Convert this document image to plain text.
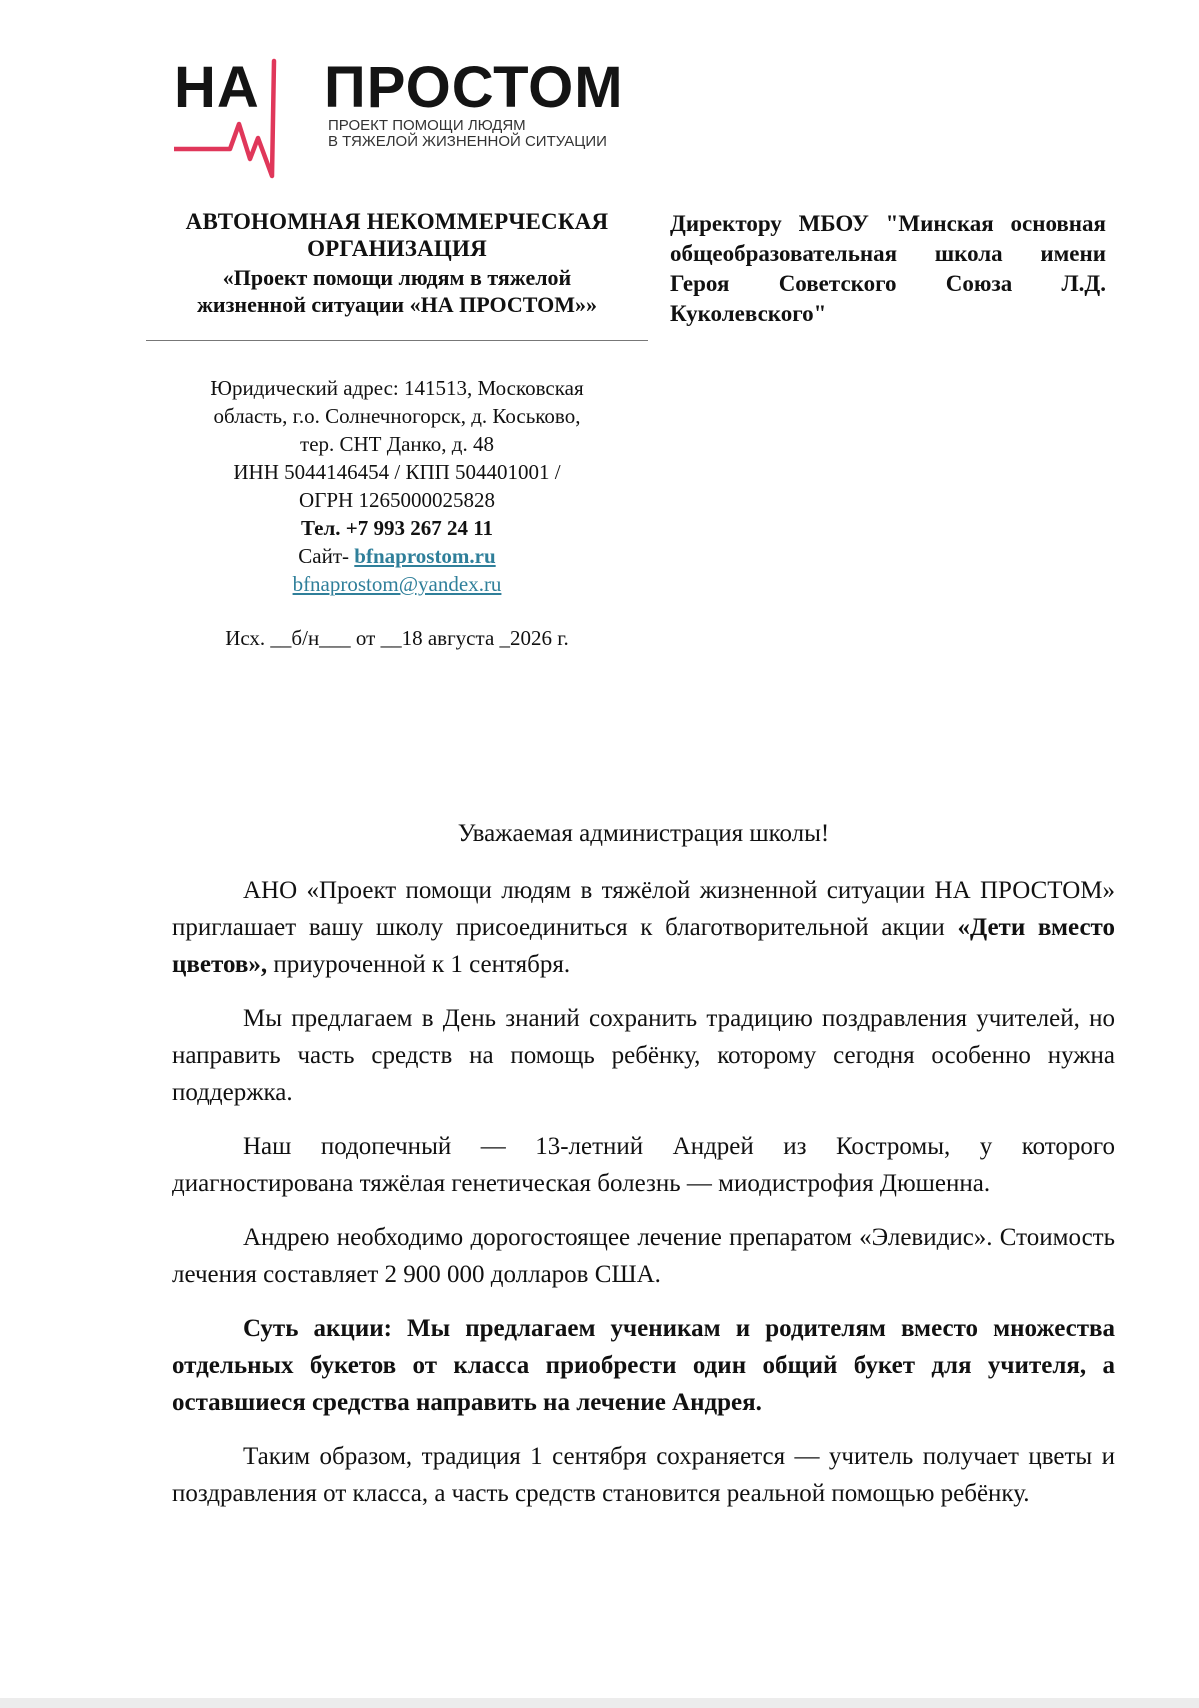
НА ПРОСТОМ
ПРОЕКТ ПОМОЩИ ЛЮДЯМ
В ТЯЖЕЛОЙ ЖИЗНЕННОЙ СИТУАЦИИ
АВТОНОМНАЯ НЕКОММЕРЧЕСКАЯ
ОРГАНИЗАЦИЯ
«Проект помощи людям в тяжелой
жизненной ситуации «НА ПРОСТОМ»»
Юридический адрес: 141513, Московская
область, г.о. Солнечногорск, д. Коськово,
тер. СНТ Данко, д. 48
ИНН 5044146454 / КПП 504401001 /
ОГРН 1265000025828
Тел. +7 993 267 24 11
Сайт- bfnaprostom.ru
bfnaprostom@yandex.ru
Исх. __б/н___ от __18 августа _2026 г.
Директору МБОУ "Минская основная общеобразовательная школа имени Героя Советского Союза Л.Д. Куколевского"
Уважаемая администрация школы!

АНО «Проект помощи людям в тяжёлой жизненной ситуации НА ПРОСТОМ» приглашает вашу школу присоединиться к благотворительной акции «Дети вместо цветов», приуроченной к 1 сентября.

Мы предлагаем в День знаний сохранить традицию поздравления учителей, но направить часть средств на помощь ребёнку, которому сегодня особенно нужна поддержка.

Наш подопечный — 13-летний Андрей из Костромы, у которого диагностирована тяжёлая генетическая болезнь — миодистрофия Дюшенна.

Андрею необходимо дорогостоящее лечение препаратом «Элевидис». Стоимость лечения составляет 2 900 000 долларов США.

Суть акции: Мы предлагаем ученикам и родителям вместо множества отдельных букетов от класса приобрести один общий букет для учителя, а оставшиеся средства направить на лечение Андрея.

Таким образом, традиция 1 сентября сохраняется — учитель получает цветы и поздравления от класса, а часть средств становится реальной помощью ребёнку.
